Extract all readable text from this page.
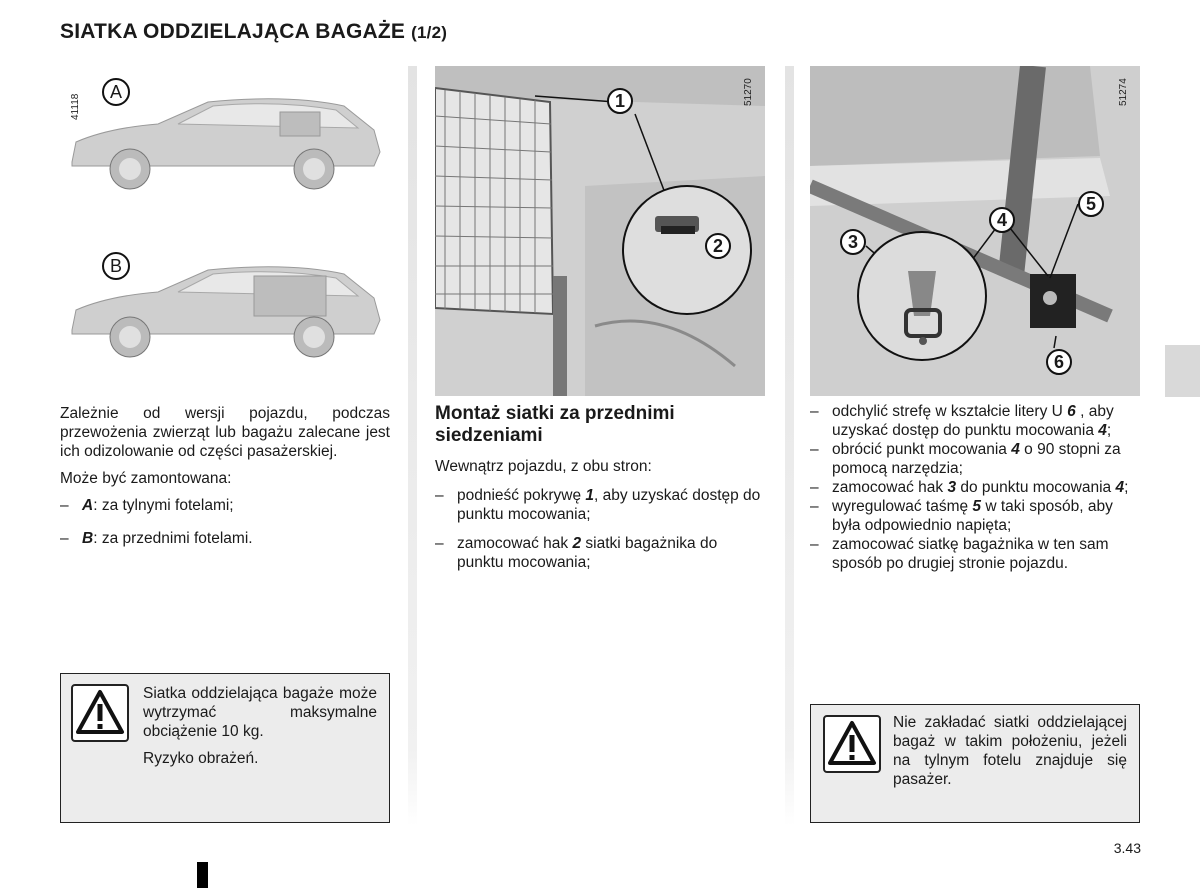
SIATKA ODDZIELAJĄCA BAGAŻE (1/2)
41118
A
B

Zależnie od wersji pojazdu, podczas przewożenia zwierząt lub bagażu zalecane jest ich odizolowanie od części pasażerskiej.

Może być zamontowana:

– A: za tylnymi fotelami;
– B: za przednimi fotelami.

Siatka oddzielająca bagaże może wytrzymać maksymalne obciążenie 10 kg.

Ryzyko obrażeń.

51270
1
2
Montaż siatki za przednimi siedzeniami
Wewnątrz pojazdu, z obu stron:
– podnieść pokrywę 1, aby uzyskać dostęp do punktu mocowania;
– zamocować hak 2 siatki bagażnika do punktu mocowania;
51274
3
4
5
6
– odchylić strefę w kształcie litery U 6 , aby uzyskać dostęp do punktu mocowania 4;
– obrócić punkt mocowania 4 o 90 stopni za pomocą narzędzia;
– zamocować hak 3 do punktu mocowania 4;
– wyregulować taśmę 5 w taki sposób, aby była odpowiednio napięta;
– zamocować siatkę bagażnika w ten sam sposób po drugiej stronie pojazdu.
Nie zakładać siatki oddzielającej bagaż w takim położeniu, jeżeli na tylnym fotelu znajduje się pasażer.
3.43
